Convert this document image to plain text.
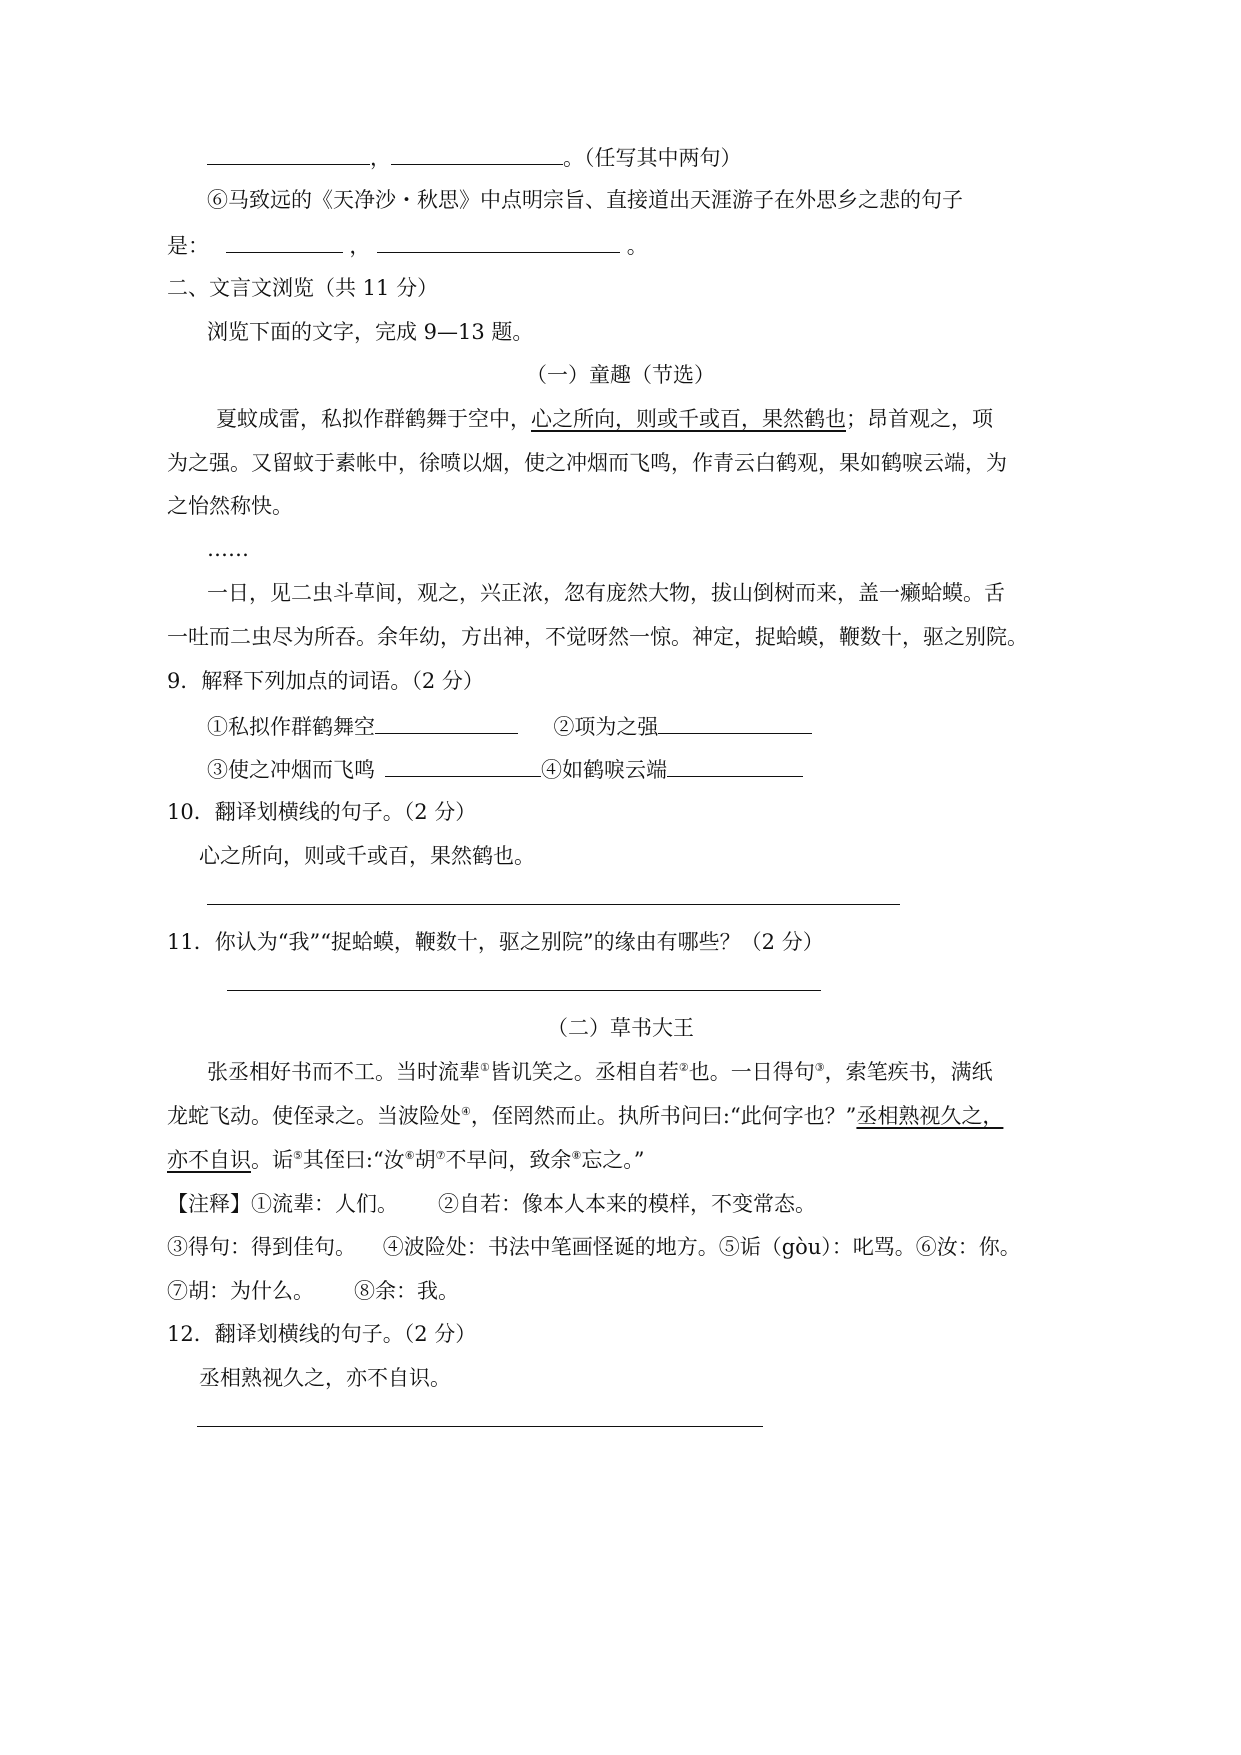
，	。（任写其中两句）
⑥马致远的《天净沙・秋思》中点明宗旨、直接道出天涯游子在外思乡之悲的句子
是：	，	。
二、文言文浏览（共 11 分）
浏览下面的文字，完成 9—13 题。
（一）童趣（节选）
夏蚊成雷，私拟作群鹤舞于空中，心之所向，则或千或百，果然鹤也；昂首观之，项
为之强。又留蚊于素帐中，徐喷以烟，使之冲烟而飞鸣，作青云白鹤观，果如鹤唳云端，为
之怡然称快。
……
一日，见二虫斗草间，观之，兴正浓，忽有庞然大物，拔山倒树而来，盖一癞蛤蟆。舌
一吐而二虫尽为所吞。余年幼，方出神，不觉呀然一惊。神定，捉蛤蟆，鞭数十，驱之别院。
9．解释下列加点的词语。（2 分）
①私拟作群鹤舞空	②项为之强
③使之冲烟而飞鸣	④如鹤唳云端
10．翻译划横线的句子。（2 分）
心之所向，则或千或百，果然鹤也。
11．你认为“我”“捉蛤蟆，鞭数十，驱之别院”的缘由有哪些？（2 分）
（二）草书大王
张丞相好书而不工。当时流辈①皆讥笑之。丞相自若②也。一日得句③，索笔疾书，满纸
龙蛇飞动。使侄录之。当波险处④，侄罔然而止。执所书问曰:“此何字也？”丞相熟视久之，
亦不自识。诟⑤其侄曰:“汝⑥胡⑦不早问，致余⑧忘之。”
【注释】①流辈：人们。      ②自若：像本人本来的模样，不变常态。
③得句：得到佳句。    ④波险处：书法中笔画怪诞的地方。⑤诟（gòu）：叱骂。⑥汝：你。
⑦胡：为什么。      ⑧余：我。
12．翻译划横线的句子。（2 分）
丞相熟视久之，亦不自识。
